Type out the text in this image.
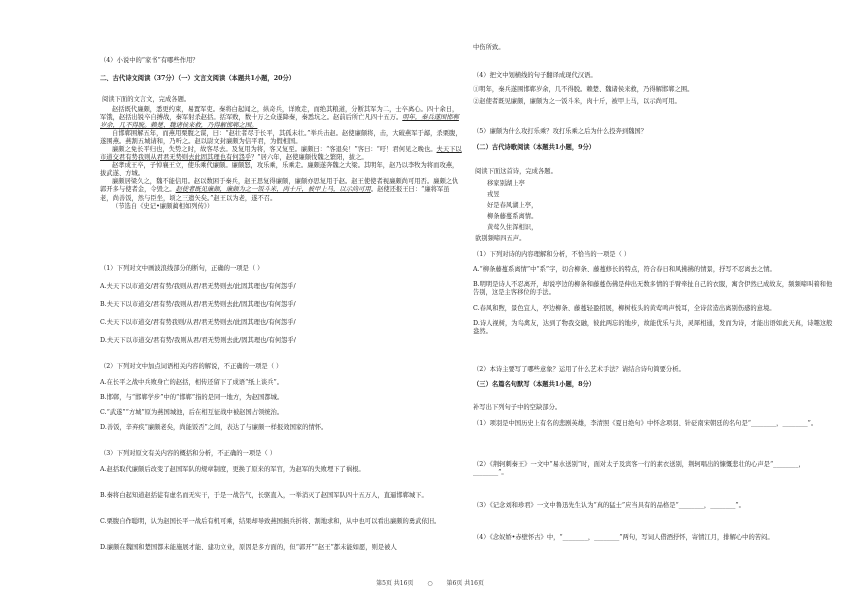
（4）小说中的“家书”有哪些作用？

二、古代诗文阅读（37分）（一）文言文阅读（本题共1小题，20分）

阅读下面的文言文，完成各题。

赵括既代廉颇，悉更约束，易置军吏。秦将白起闻之，纵奇兵，详败走，而绝其粮道，分断其军为二，士卒离心。四十余日，军饿，赵括出锐卒自搏战，秦军射杀赵括。括军败，数十万之众遂降秦，秦悉坑之。赵前后所亡凡四十五万。明年，秦兵遂围邯郸岁余，几不得脱。赖楚、魏诸侯来救，乃得解邯郸之围。

自邯郸围解五年，而燕用栗腹之谋，曰：“赵壮者尽于长平，其孤未壮。”举兵击赵。赵使廉颇将，击，大破燕军于鄗，杀栗腹，遂围燕。燕割五城请和，乃听之。赵以尉文封廉颇为信平君，为假相国。

廉颇之免长平归也，失势之时，故客尽去。及复用为将，客又复至。廉颇曰：“客退矣！”客曰：“吁！君何见之晚也。夫天下以市道交君有势我则从君君无势则去此固其理也有何怨乎？”居六年，赵使廉颇伐魏之繁阳，拔之。

赵孝成王卒，子悼襄王立，使乐乘代廉颇。廉颇怒，攻乐乘，乐乘走。廉颇遂奔魏之大梁。其明年，赵乃以李牧为将而攻燕，拔武遂、方城。

廉颇居梁久之，魏不能信用。赵以数困于秦兵，赵王思复得廉颇，廉颇亦思复用于赵。赵王使使者视廉颇尚可用否。廉颇之仇郭开多与使者金，令毁之。赵使者既见廉颇，廉颇为之一饭斗米，肉十斤，被甲上马，以示尚可用。赵使还报王曰：“廉将军虽老，尚善饭，然与臣坐，顷之三遗矢矣。”赵王以为老，遂不召。

（节选自《史记•廉颇蔺相如列传》）

（1）下列对文中画波浪线部分的断句，正确的一项是（ ）

A.夫天下以市道交/君有势/我则从君/君无势则去/此固其理也/有何怨乎/

B.夫天下以市道交/君有势/我则从君/君无势则去此/固其理也/有何怨乎/

C.夫天下以市道交/君有势我则/从君/君无势则去/此固其理也/有何怨乎/

D.夫天下以市道交/君有势/我则从君/君无势则去此/固其理也/有何怨乎/

（2）下列对文中加点词语相关内容的解说，不正确的一项是（ ）

A.在长平之战中兵败身亡的赵括，相传还留下了成语“纸上谈兵”。

B.邯郸，与“邯郸学步”中的“邯郸”指的是同一地方，为赵国都城。

C.“武遂”“方城”原为燕国城池，后在相互征战中被赵国占领统治。

D.善饭，辛弃疾“廉颇老矣，尚能饭否”之间，表达了与廉颇一样报效国家的情怀。

（3）下列对原文有关内容的概括和分析，不正确的一项是（ ）

A.赵括取代廉颇后改变了赵国军队的规章制度，更换了原来的军官，为赵军的失败埋下了祸根。

B.秦将白起知道赵括徒有虚名而无实干，于是一战告气，长驱直入，一举消灭了赵国军队四十五万人，直逼邯郸城下。

C.栗腹自作聪明，认为赵国长平一战后有机可乘，结果却导致燕国损兵折将、割地求和，从中也可以看出廉颇的勇武依旧。

D.廉颇在魏国和楚国都未能施展才能、建功立业，原因是多方面的，但“郭开”“赵王”都未能如愿，则是被人

中伤所致。

（4）把文中划横线的句子翻译成现代汉语。

①明年，秦兵遂围邯郸岁余，几不得脱。赖楚、魏诸侯来救，乃得解邯郸之围。

②赵使者既见廉颇，廉颇为之一饭斗米，肉十斤，被甲上马，以示尚可用。

（5）廉颇为什么攻打乐乘？攻打乐乘之后为什么投奔到魏国？

（二）古代诗歌阅读（本题共1小题，9分）

阅读下面这首诗，完成各题。

移家别湖上亭

戎昱

好是春风湖上亭，

柳条藤蔓系离情。

黄莺久住浑相识，

欲别频啼四五声。

（1）下列对诗的内容理解和分析，不恰当的一项是（ ）

A.“柳条藤蔓系离情”中“系”字，切合柳条、藤蔓修长的特点，符合春日和风拂拂的情景，抒写不忍离去之情。

B.明明是诗人不忍离开，却说亭边的柳条和藤蔓伤佛是伸出无数多情的手臂牵扯自己的衣服，寓含伊然已成故友，频频啼叫着和他告别，这是主客移位的手法。

C.春风和煦，景色宜人，亭边柳条、藤蔓轻盈招展，柳树枝头的黄莺鸣声悦耳，全诗营造出离别伤感的意境。

D.诗人视树，为鸟禽友，达到了物我交融，彼此两忘的地步，故能优乐与共，灵犀相通，发而为诗，才能出语如此天真，诗趣这般盎然。

（2）本诗主要写了哪些意象？运用了什么艺术手法？请结合诗句简要分析。

（三）名篇名句默写（本题共1小题，8分）

补写出下列句子中的空缺部分。

（1）项羽是中国历史上有名的悲剧英雄，李清照《夏日绝句》中怀念项羽、针砭南宋朝廷的名句是“________，________”。

（2）《荆轲刺秦王》一文中“易水送别”时，面对太子及宾客一行的素衣送别，荆轲唱出的慷慨悲壮的心声是“________，________”。

（3）《记念刘和珍君》一文中鲁迅先生认为“真的猛士”应当具有的品格是“________，________”。

（4）《念奴娇•赤壁怀古》中，“________，________”两句，写词人借酒抒怀，寄情江月，排解心中的苦闷。

第5页 共16页 ○ 第6页 共16页
